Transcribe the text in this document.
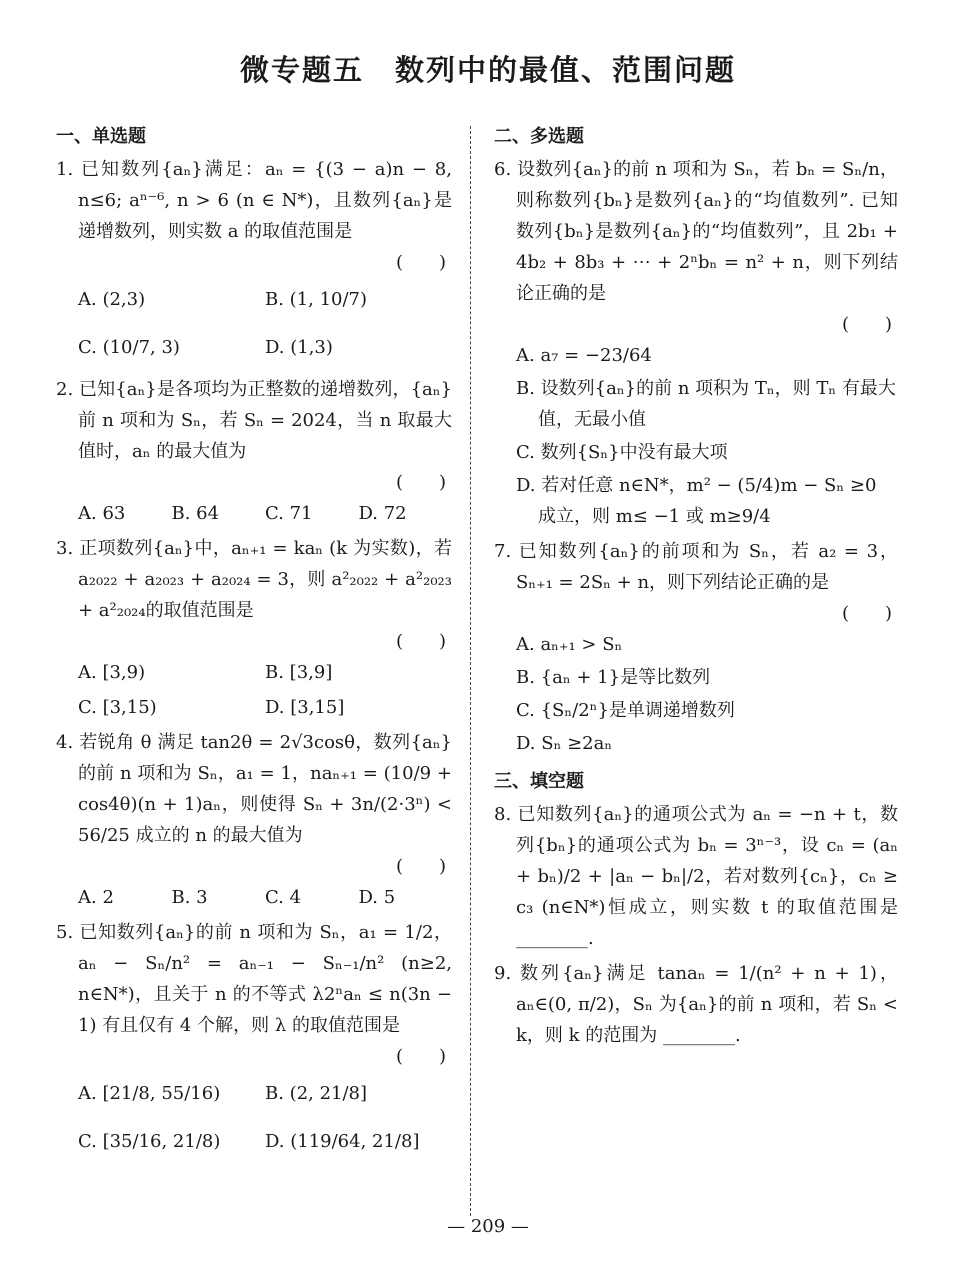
微专题五　数列中的最值、范围问题
一、单选题
1. 已知数列{aₙ}满足：aₙ = {(3 − a)n − 8, n≤6; aⁿ⁻⁶, n > 6 (n ∈ N*)，且数列{aₙ}是递增数列，则实数 a 的取值范围是
(　　)
A. (2,3)	B. (1, 10/7)
C. (10/7, 3)	D. (1,3)
2. 已知{aₙ}是各项均为正整数的递增数列，{aₙ}前 n 项和为 Sₙ，若 Sₙ = 2024，当 n 取最大值时，aₙ 的最大值为
(　　)
A. 63	B. 64	C. 71	D. 72
3. 正项数列{aₙ}中，aₙ₊₁ = kaₙ (k 为实数)，若 a₂₀₂₂ + a₂₀₂₃ + a₂₀₂₄ = 3，则 a²₂₀₂₂ + a²₂₀₂₃ + a²₂₀₂₄的取值范围是
(　　)
A. [3,9)	B. [3,9]
C. [3,15)	D. [3,15]
4. 若锐角 θ 满足 tan2θ = 2√3cosθ，数列{aₙ}的前 n 项和为 Sₙ，a₁ = 1，naₙ₊₁ = (10/9 + cos4θ)(n + 1)aₙ，则使得 Sₙ + 3n/(2·3ⁿ) < 56/25 成立的 n 的最大值为
(　　)
A. 2	B. 3	C. 4	D. 5
5. 已知数列{aₙ}的前 n 项和为 Sₙ，a₁ = 1/2，aₙ − Sₙ/n² = aₙ₋₁ − Sₙ₋₁/n² (n≥2, n∈N*)，且关于 n 的不等式 λ2ⁿaₙ ≤ n(3n − 1) 有且仅有 4 个解，则 λ 的取值范围是
(　　)
A. [21/8, 55/16)	B. (2, 21/8]
C. [35/16, 21/8)	D. (119/64, 21/8]
二、多选题
6. 设数列{aₙ}的前 n 项和为 Sₙ，若 bₙ = Sₙ/n，则称数列{bₙ}是数列{aₙ}的“均值数列”. 已知数列{bₙ}是数列{aₙ}的“均值数列”，且 2b₁ + 4b₂ + 8b₃ + ⋯ + 2ⁿbₙ = n² + n，则下列结论正确的是
(　　)
A. a₇ = −23/64
B. 设数列{aₙ}的前 n 项积为 Tₙ，则 Tₙ 有最大值，无最小值
C. 数列{Sₙ}中没有最大项
D. 若对任意 n∈N*，m² − (5/4)m − Sₙ ≥0 成立，则 m≤ −1 或 m≥9/4
7. 已知数列{aₙ}的前项和为 Sₙ，若 a₂ = 3，Sₙ₊₁ = 2Sₙ + n，则下列结论正确的是
(　　)
A. aₙ₊₁ > Sₙ
B. {aₙ + 1}是等比数列
C. {Sₙ/2ⁿ}是单调递增数列
D. Sₙ ≥2aₙ
三、填空题
8. 已知数列{aₙ}的通项公式为 aₙ = −n + t，数列{bₙ}的通项公式为 bₙ = 3ⁿ⁻³，设 cₙ = (aₙ + bₙ)/2 + |aₙ − bₙ|/2，若对数列{cₙ}，cₙ ≥ c₃ (n∈N*)恒成立，则实数 t 的取值范围是________.
9. 数列{aₙ}满足 tanaₙ = 1/(n² + n + 1)，aₙ∈(0, π/2)，Sₙ 为{aₙ}的前 n 项和，若 Sₙ < k，则 k 的范围为 ________.
— 209 —
